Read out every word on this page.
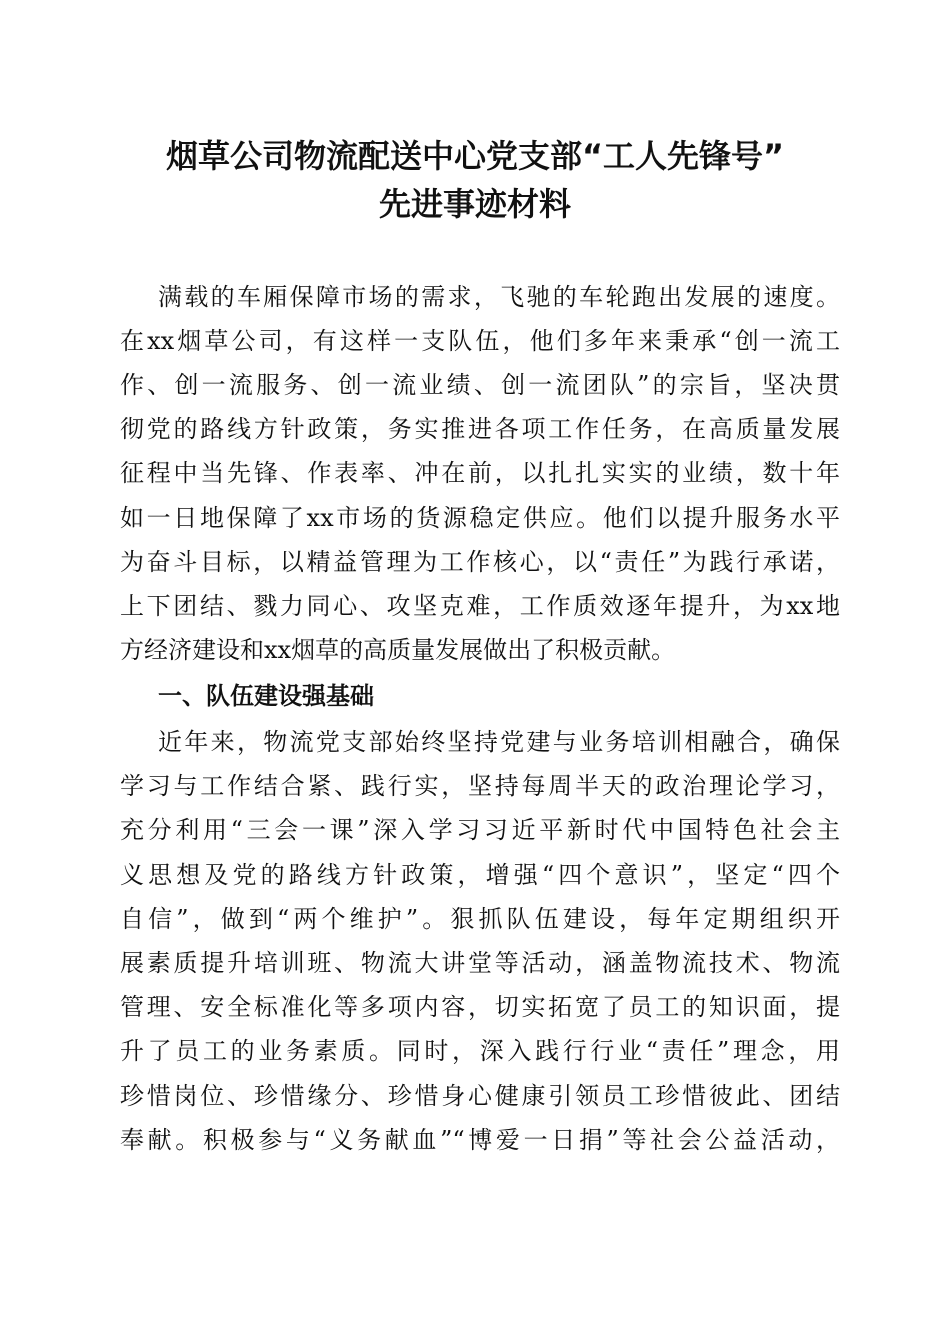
烟草公司物流配送中心党支部“工人先锋号”
先进事迹材料

满载的车厢保障市场的需求，飞驰的车轮跑出发展的速度。

在xx烟草公司，有这样一支队伍，他们多年来秉承“创一流工

作、创一流服务、创一流业绩、创一流团队”的宗旨，坚决贯

彻党的路线方针政策，务实推进各项工作任务，在高质量发展

征程中当先锋、作表率、冲在前，以扎扎实实的业绩，数十年

如一日地保障了xx市场的货源稳定供应。他们以提升服务水平

为奋斗目标，以精益管理为工作核心，以“责任”为践行承诺，

上下团结、戮力同心、攻坚克难，工作质效逐年提升，为xx地

方经济建设和xx烟草的高质量发展做出了积极贡献。

一、队伍建设强基础

近年来，物流党支部始终坚持党建与业务培训相融合，确保

学习与工作结合紧、践行实，坚持每周半天的政治理论学习，

充分利用“三会一课”深入学习习近平新时代中国特色社会主

义思想及党的路线方针政策，增强“四个意识”，坚定“四个

自信”，做到“两个维护”。狠抓队伍建设，每年定期组织开

展素质提升培训班、物流大讲堂等活动，涵盖物流技术、物流

管理、安全标准化等多项内容，切实拓宽了员工的知识面，提

升了员工的业务素质。同时，深入践行行业“责任”理念，用

珍惜岗位、珍惜缘分、珍惜身心健康引领员工珍惜彼此、团结

奉献。积极参与“义务献血”“博爱一日捐”等社会公益活动，
